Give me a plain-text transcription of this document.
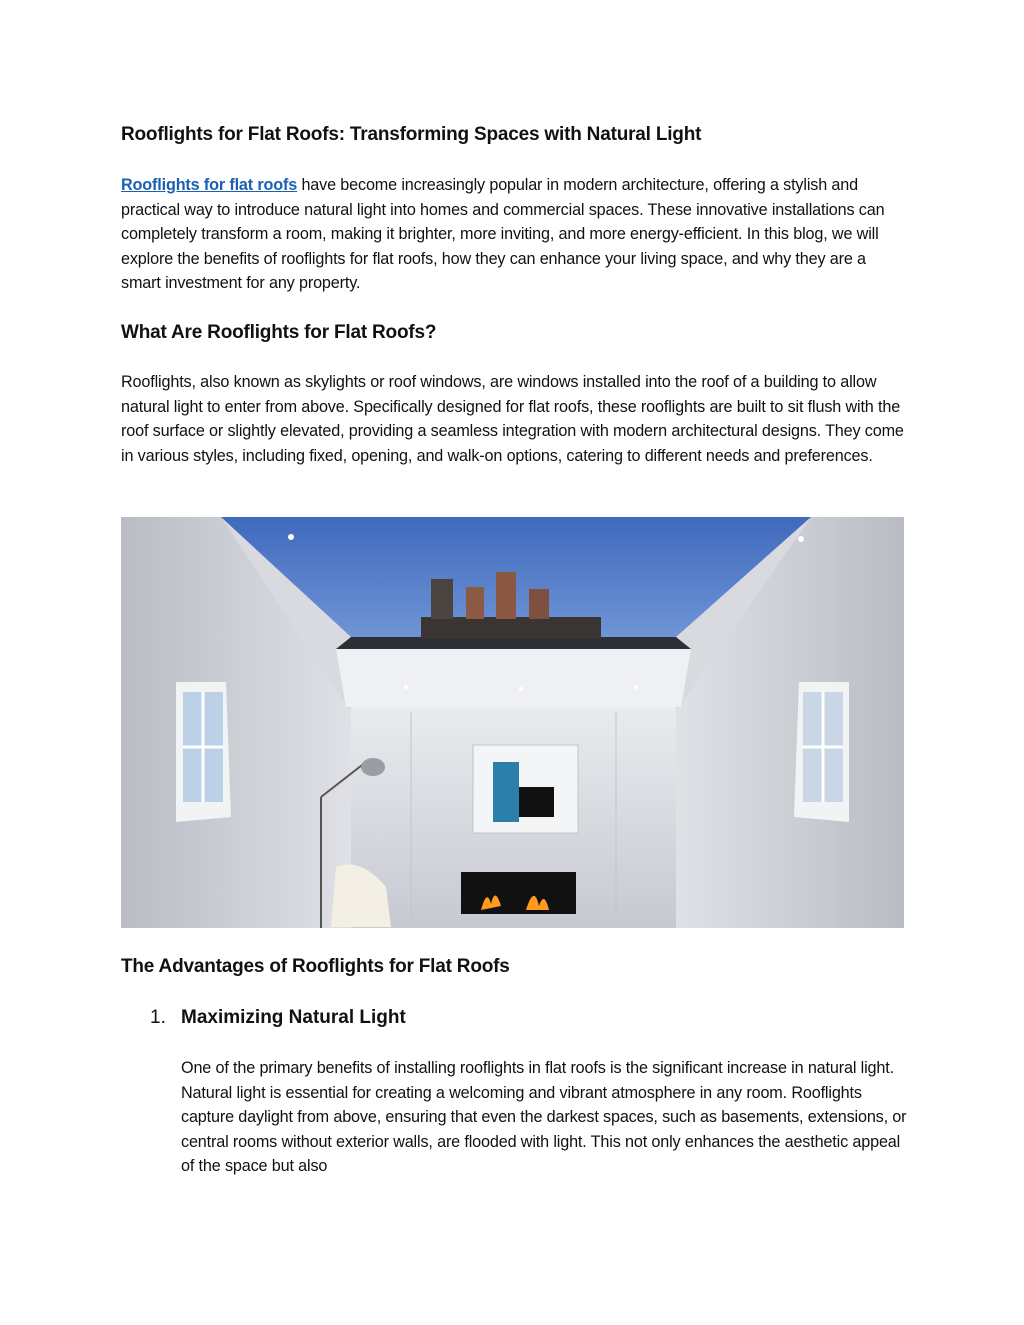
Rooflights for Flat Roofs: Transforming Spaces with Natural Light
Rooflights for flat roofs have become increasingly popular in modern architecture, offering a stylish and practical way to introduce natural light into homes and commercial spaces. These innovative installations can completely transform a room, making it brighter, more inviting, and more energy-efficient. In this blog, we will explore the benefits of rooflights for flat roofs, how they can enhance your living space, and why they are a smart investment for any property.
What Are Rooflights for Flat Roofs?
Rooflights, also known as skylights or roof windows, are windows installed into the roof of a building to allow natural light to enter from above. Specifically designed for flat roofs, these rooflights are built to sit flush with the roof surface or slightly elevated, providing a seamless integration with modern architectural designs. They come in various styles, including fixed, opening, and walk-on options, catering to different needs and preferences.
The Advantages of Rooflights for Flat Roofs
1. Maximizing Natural Light
One of the primary benefits of installing rooflights in flat roofs is the significant increase in natural light. Natural light is essential for creating a welcoming and vibrant atmosphere in any room. Rooflights capture daylight from above, ensuring that even the darkest spaces, such as basements, extensions, or central rooms without exterior walls, are flooded with light. This not only enhances the aesthetic appeal of the space but also
